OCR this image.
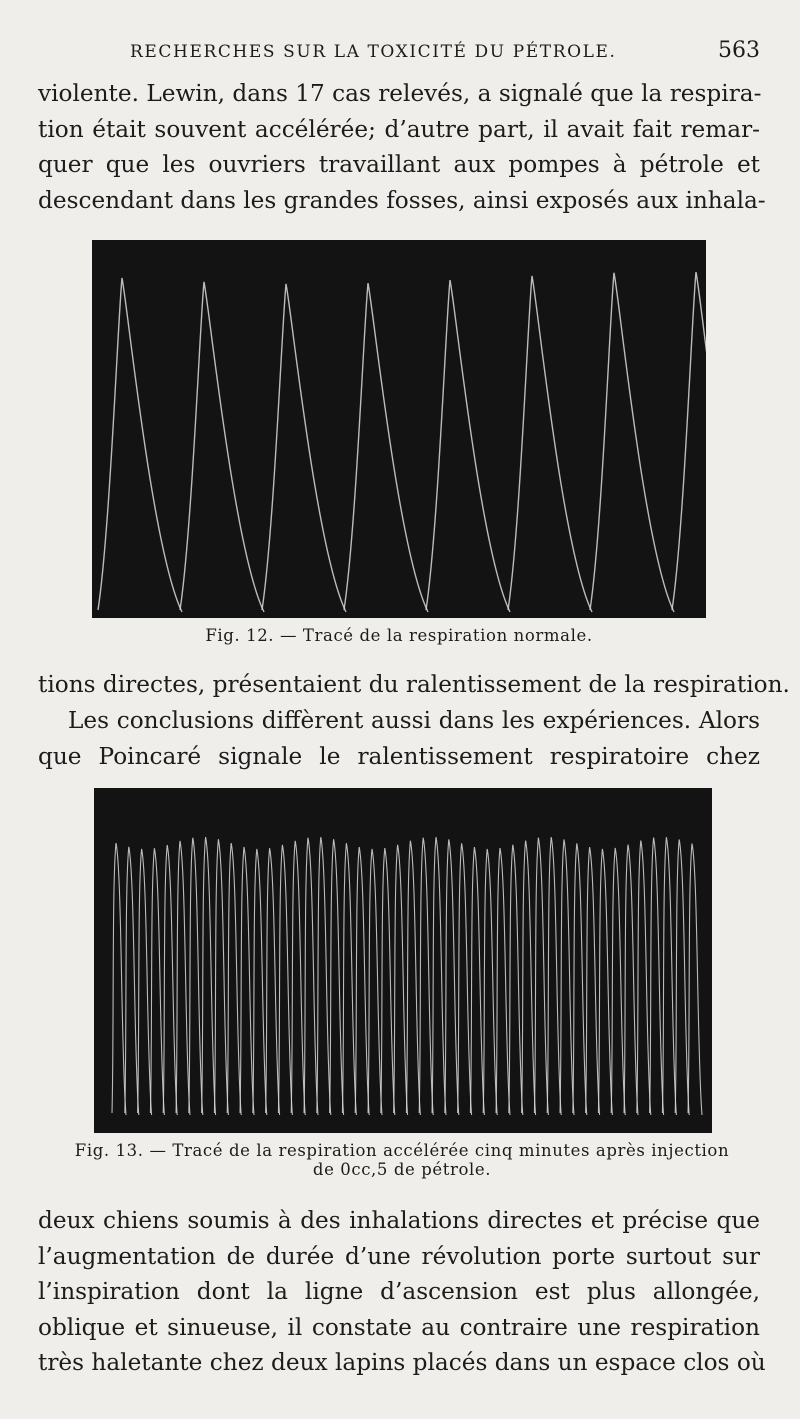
RECHERCHES SUR LA TOXICITÉ DU PÉTROLE.	563
violente. Lewin, dans 17 cas relevés, a signalé que la respira-
tion était souvent accélérée; d’autre part, il avait fait remar-
quer que les ouvriers travaillant aux pompes à pétrole et
descendant dans les grandes fosses, ainsi exposés aux inhala-
Fig. 12. — Tracé de la respiration normale.
tions directes, présentaient du ralentissement de la respiration.
Les conclusions diffèrent aussi dans les expériences. Alors
que Poincaré signale le ralentissement respiratoire chez
Fig. 13. — Tracé de la respiration accélérée cinq minutes après injection
de 0cc,5 de pétrole.
deux chiens soumis à des inhalations directes et précise que
l’augmentation de durée d’une révolution porte surtout sur
l’inspiration dont la ligne d’ascension est plus allongée,
oblique et sinueuse, il constate au contraire une respiration
très haletante chez deux lapins placés dans un espace clos où
